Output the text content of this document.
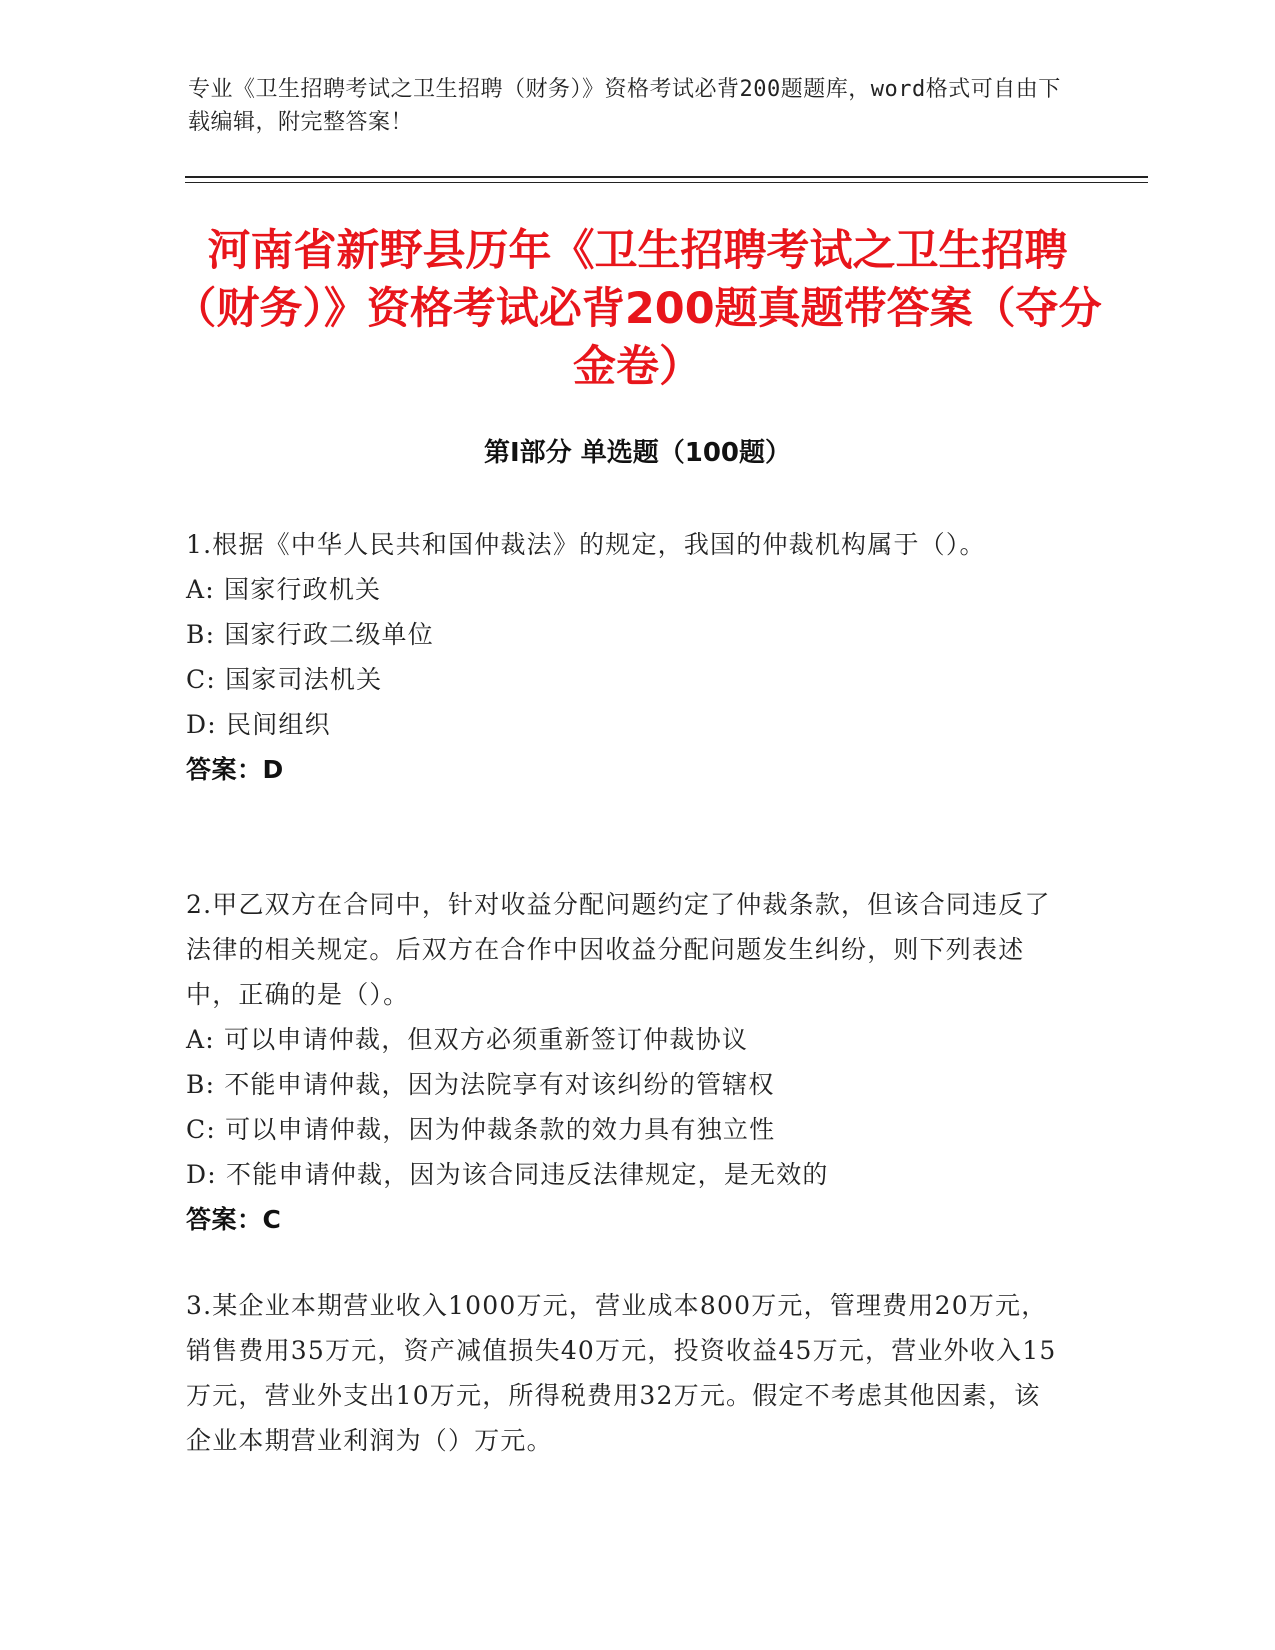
专业《卫生招聘考试之卫生招聘（财务）》资格考试必背200题题库，word格式可自由下载编辑，附完整答案！
河南省新野县历年《卫生招聘考试之卫生招聘（财务）》资格考试必背200题真题带答案（夺分金卷）
第I部分 单选题（100题）
1.根据《中华人民共和国仲裁法》的规定，我国的仲裁机构属于（）。
A: 国家行政机关
B: 国家行政二级单位
C: 国家司法机关
D: 民间组织
答案：D
2.甲乙双方在合同中，针对收益分配问题约定了仲裁条款，但该合同违反了法律的相关规定。后双方在合作中因收益分配问题发生纠纷，则下列表述中，正确的是（）。
A: 可以申请仲裁，但双方必须重新签订仲裁协议
B: 不能申请仲裁，因为法院享有对该纠纷的管辖权
C: 可以申请仲裁，因为仲裁条款的效力具有独立性
D: 不能申请仲裁，因为该合同违反法律规定，是无效的
答案：C
3.某企业本期营业收入1000万元，营业成本800万元，管理费用20万元，销售费用35万元，资产减值损失40万元，投资收益45万元，营业外收入15万元，营业外支出10万元，所得税费用32万元。假定不考虑其他因素，该企业本期营业利润为（）万元。
